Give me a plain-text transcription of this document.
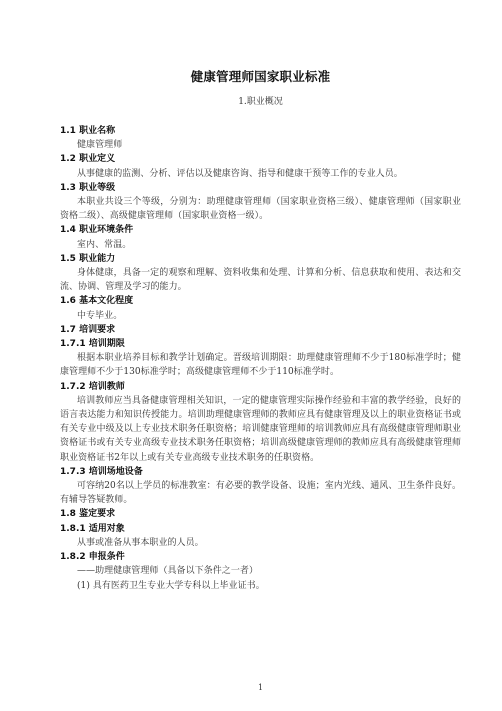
健康管理师国家职业标准
1.职业概况
1.1 职业名称
健康管理师
1.2 职业定义
从事健康的监测、分析、评估以及健康咨询、指导和健康干预等工作的专业人员。
1.3 职业等级
本职业共设三个等级，分别为：助理健康管理师（国家职业资格三级）、健康管理师（国家职业资格二级）、高级健康管理师（国家职业资格一级）。
1.4 职业环境条件
室内、常温。
1.5 职业能力
身体健康，具备一定的观察和理解、资料收集和处理、计算和分析、信息获取和使用、表达和交流、协调、管理及学习的能力。
1.6 基本文化程度
中专毕业。
1.7 培训要求
1.7.1 培训期限
根据本职业培养目标和教学计划确定。晋级培训期限：助理健康管理师不少于180标准学时；健康管理师不少于130标准学时；高级健康管理师不少于110标准学时。
1.7.2 培训教师
培训教师应当具备健康管理相关知识，一定的健康管理实际操作经验和丰富的教学经验，良好的语言表达能力和知识传授能力。培训助理健康管理师的教师应具有健康管理及以上的职业资格证书或有关专业中级及以上专业技术职务任职资格；培训健康管理师的培训教师应具有高级健康管理师职业资格证书或有关专业高级专业技术职务任职资格；培训高级健康管理师的教师应具有高级健康管理师职业资格证书2年以上或有关专业高级专业技术职务的任职资格。
1.7.3 培训场地设备
可容纳20名以上学员的标准教室：有必要的教学设备、设施；室内光线、通风、卫生条件良好。有辅导答疑教师。
1.8 鉴定要求
1.8.1 适用对象
从事或准备从事本职业的人员。
1.8.2 申报条件
——助理健康管理师（具备以下条件之一者）
(1) 具有医药卫生专业大学专科以上毕业证书。
1
